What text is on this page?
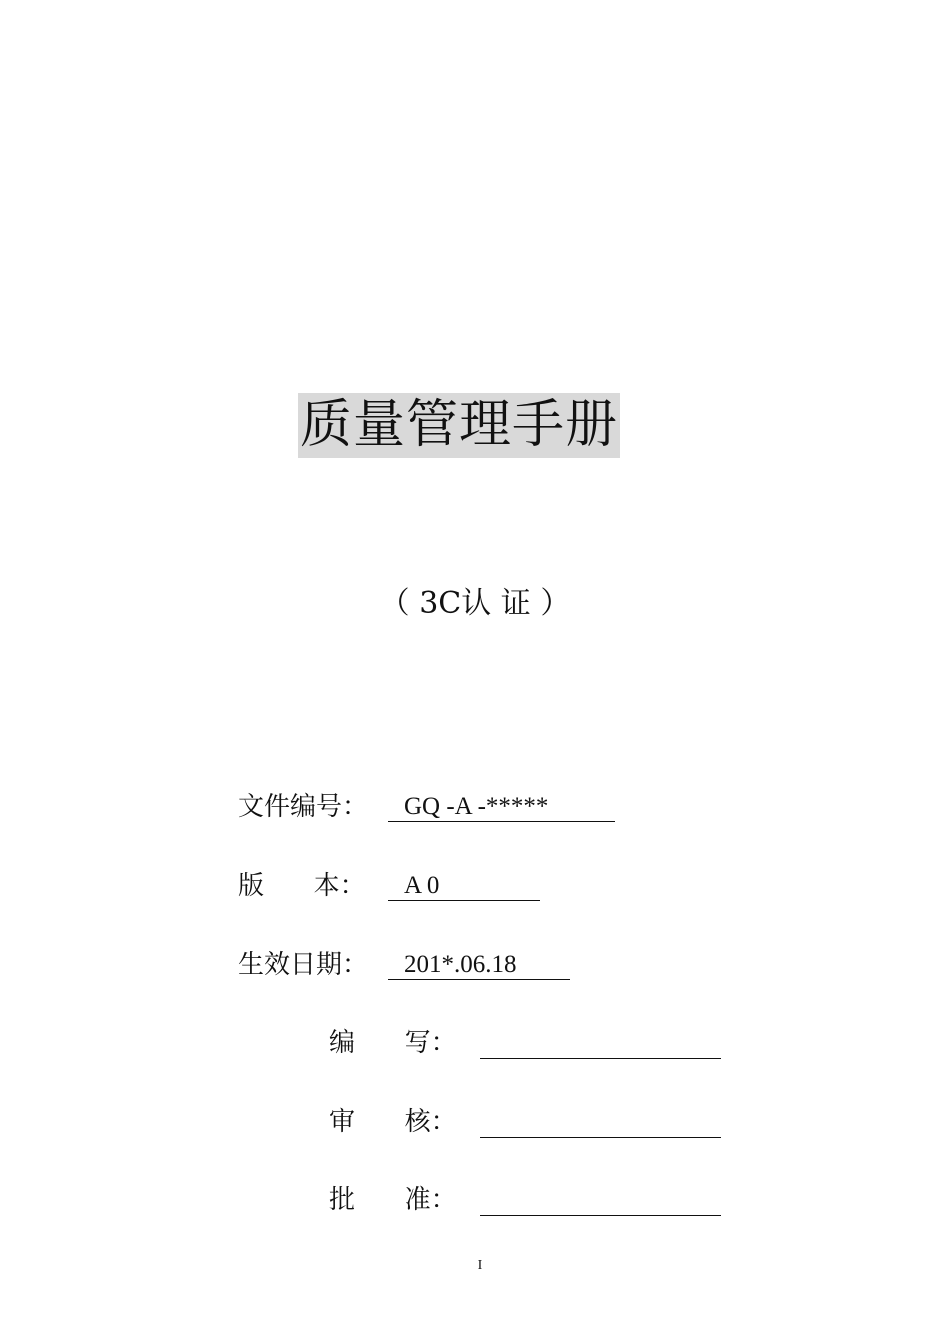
质量管理手册
（ 3C认 证 ）
文件编号：	GQ -A -*****
版      本：	A 0
生效日期：	201*.06.18
编      写：
审      核：
批      准：
I
